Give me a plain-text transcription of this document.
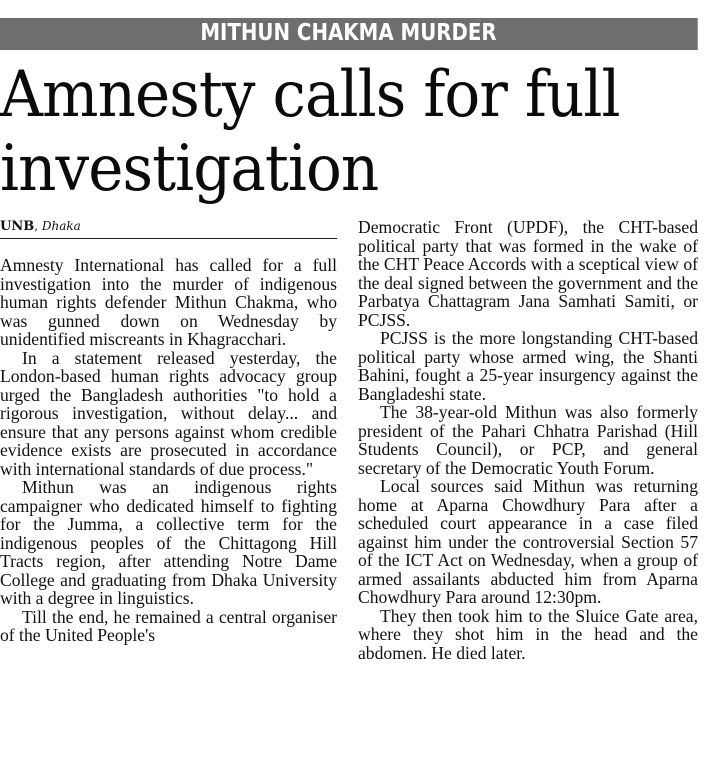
MITHUN CHAKMA MURDER
Amnesty calls for full
investigation
UNB, Dhaka

Amnesty International has called for a full investigation into the murder of indigenous human rights defender Mithun Chakma, who was gunned down on Wednesday by unidentified miscreants in Khagracchari.

In a statement released yesterday, the London-based human rights advocacy group urged the Bangladesh authorities "to hold a rigorous investigation, without delay... and ensure that any persons against whom credible evidence exists are prosecuted in accordance with international standards of due process."

Mithun was an indigenous rights campaigner who dedicated himself to fighting for the Jumma, a collective term for the indigenous peoples of the Chittagong Hill Tracts region, after attending Notre Dame College and graduating from Dhaka University with a degree in linguistics.

Till the end, he remained a central organiser of the United People's

Democratic Front (UPDF), the CHT-based political party that was formed in the wake of the CHT Peace Accords with a sceptical view of the deal signed between the government and the Parbatya Chattagram Jana Samhati Samiti, or PCJSS.

PCJSS is the more longstanding CHT-based political party whose armed wing, the Shanti Bahini, fought a 25-year insurgency against the Bangladeshi state.

The 38-year-old Mithun was also formerly president of the Pahari Chhatra Parishad (Hill Students Council), or PCP, and general secretary of the Democratic Youth Forum.

Local sources said Mithun was returning home at Aparna Chowdhury Para after a scheduled court appearance in a case filed against him under the controversial Section 57 of the ICT Act on Wednesday, when a group of armed assailants abducted him from Aparna Chowdhury Para around 12:30pm.

They then took him to the Sluice Gate area, where they shot him in the head and the abdomen. He died later.
